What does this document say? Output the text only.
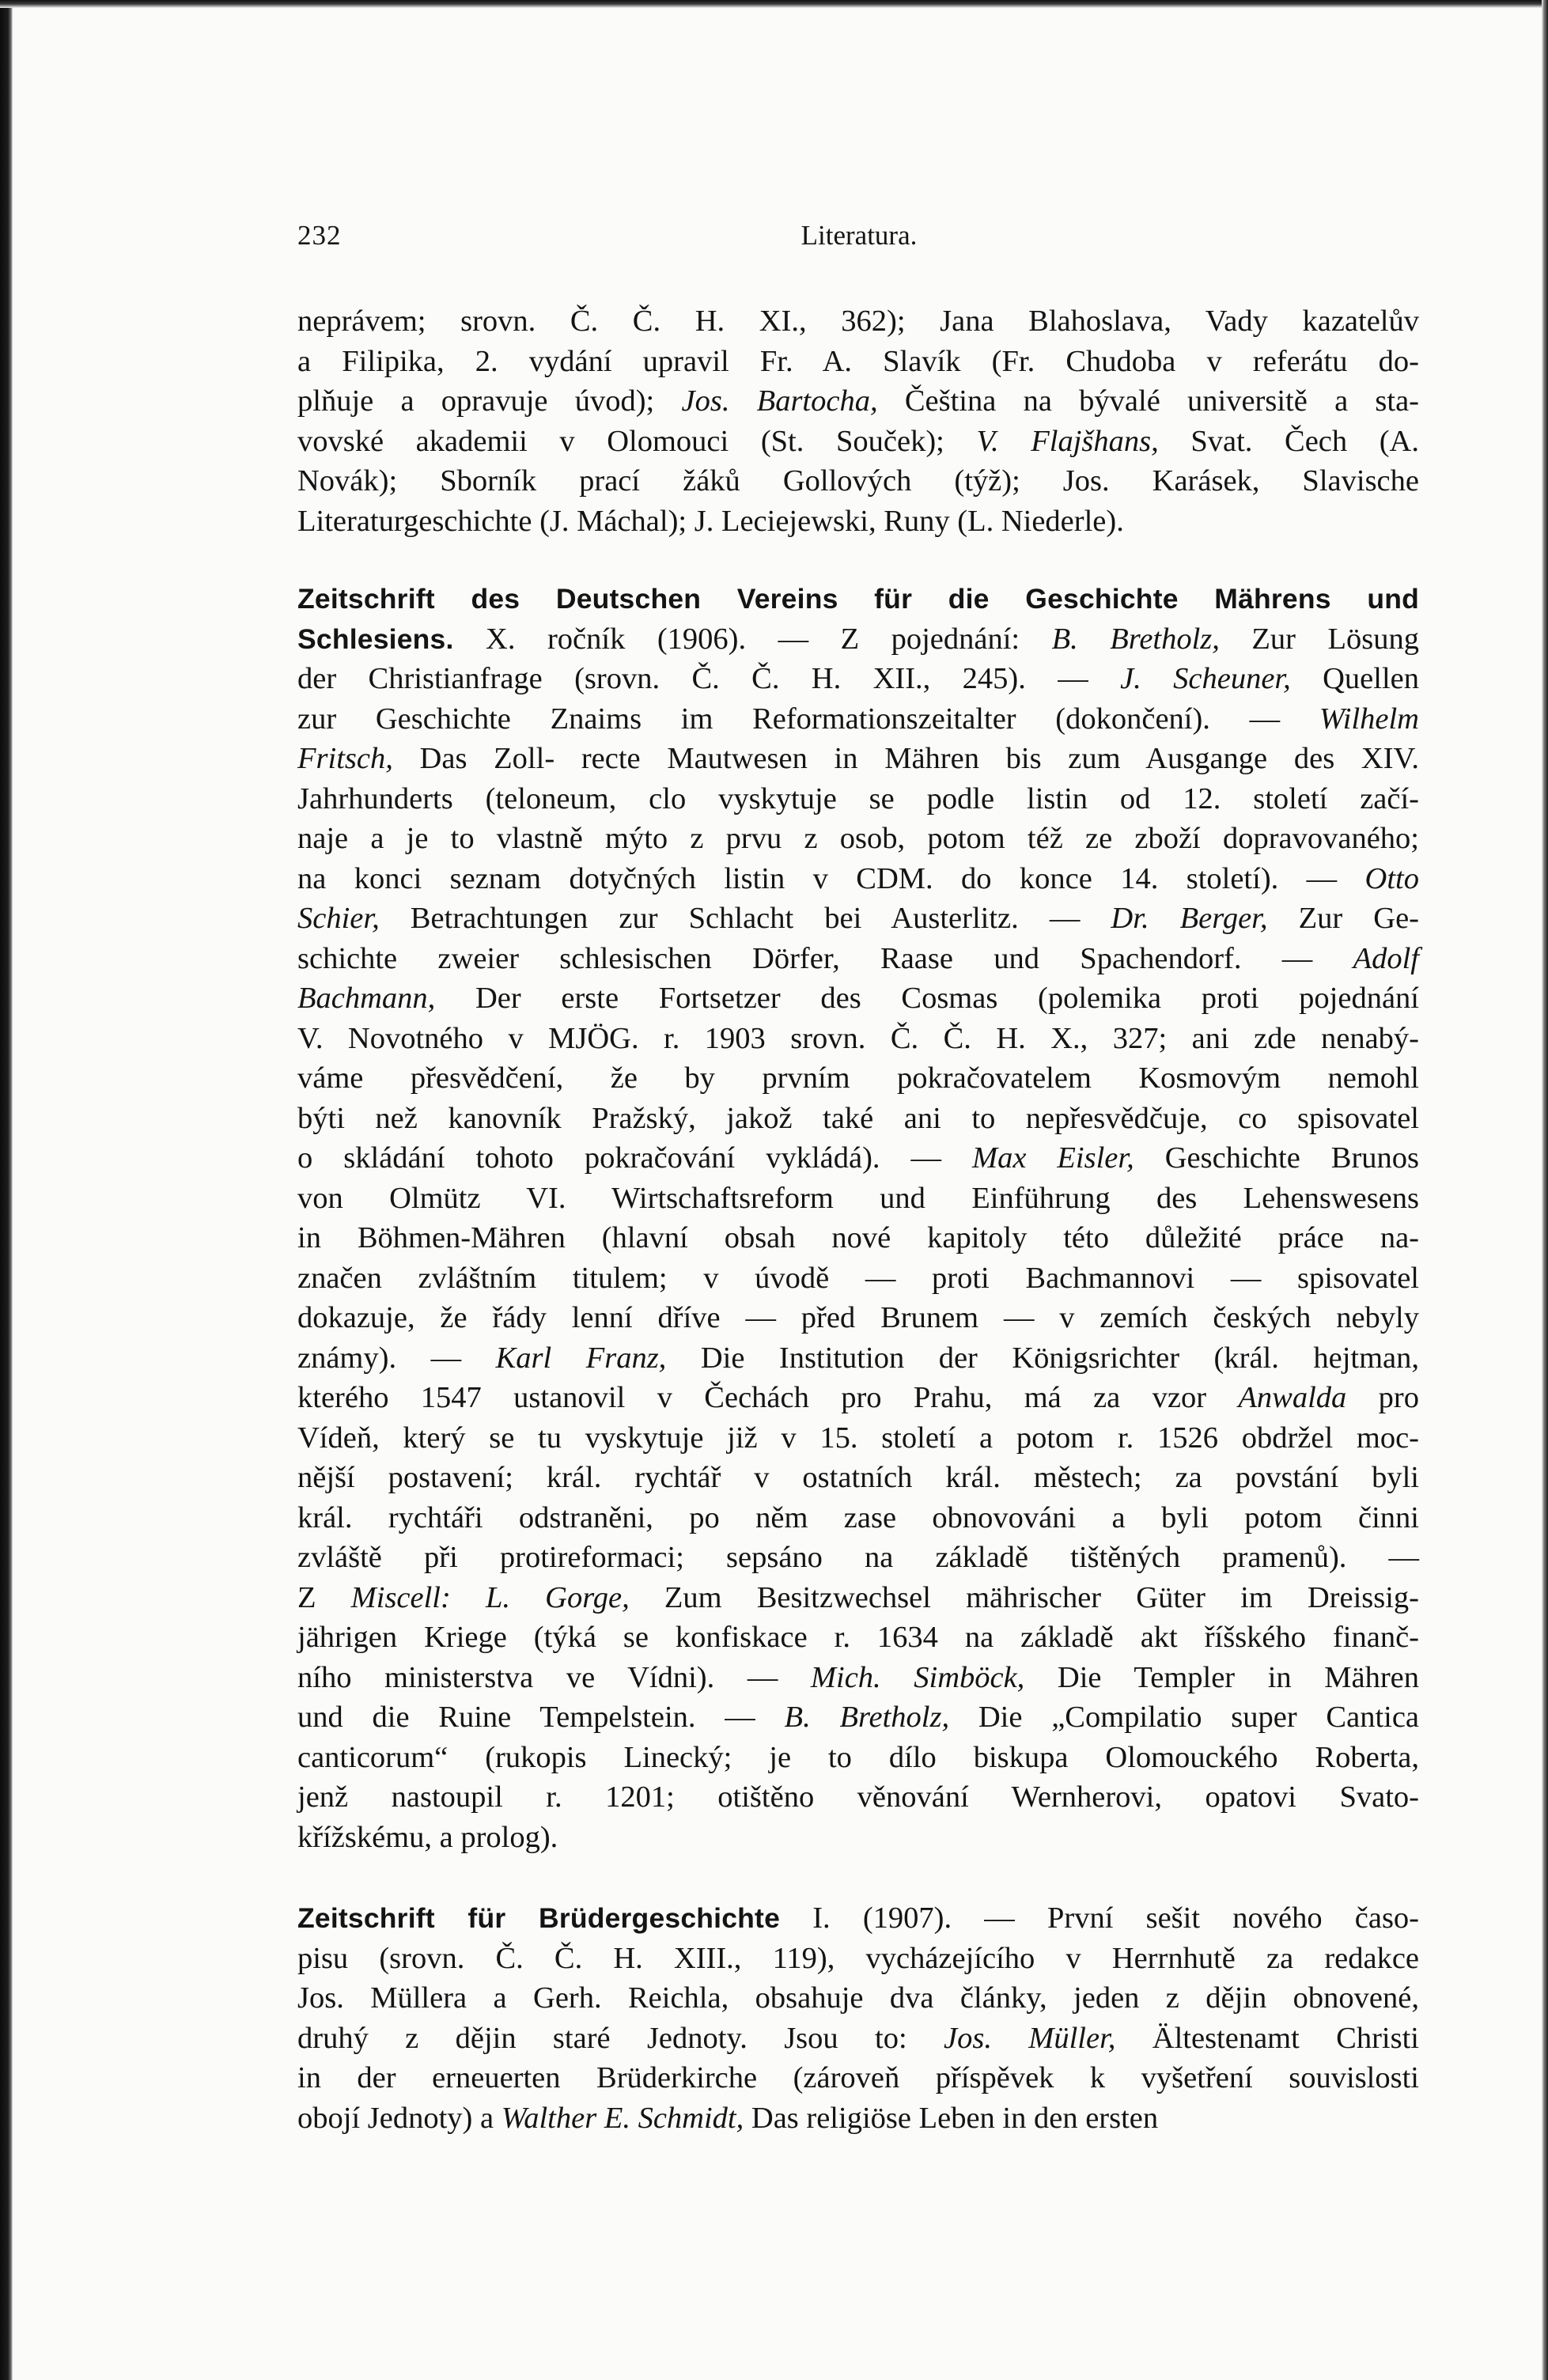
232	Literatura.
neprávem; srovn. Č. Č. H. XI., 362); Jana Blahoslava, Vady kazatelův
a Filipika, 2. vydání upravil Fr. A. Slavík (Fr. Chudoba v referátu do-
plňuje a opravuje úvod); Jos. Bartocha, Čeština na bývalé universitě a sta-
vovské akademii v Olomouci (St. Souček); V. Flajšhans, Svat. Čech (A.
Novák); Sborník prací žáků Gollových (týž); Jos. Karásek, Slavische
Literaturgeschichte (J. Máchal); J. Leciejewski, Runy (L. Niederle).
Zeitschrift des Deutschen Vereins für die Geschichte Mährens und
Schlesiens. X. ročník (1906). — Z pojednání: B. Bretholz, Zur Lösung
der Christianfrage (srovn. Č. Č. H. XII., 245). — J. Scheuner, Quellen
zur Geschichte Znaims im Reformationszeitalter (dokončení). — Wilhelm
Fritsch, Das Zoll- recte Mautwesen in Mähren bis zum Ausgange des XIV.
Jahrhunderts (teloneum, clo vyskytuje se podle listin od 12. století začí-
naje a je to vlastně mýto z prvu z osob, potom též ze zboží dopravovaného;
na konci seznam dotyčných listin v CDM. do konce 14. století). — Otto
Schier, Betrachtungen zur Schlacht bei Austerlitz. — Dr. Berger, Zur Ge-
schichte zweier schlesischen Dörfer, Raase und Spachendorf. — Adolf
Bachmann, Der erste Fortsetzer des Cosmas (polemika proti pojednání
V. Novotného v MJÖG. r. 1903 srovn. Č. Č. H. X., 327; ani zde nenabý-
váme přesvědčení, že by prvním pokračovatelem Kosmovým nemohl
býti než kanovník Pražský, jakož také ani to nepřesvědčuje, co spisovatel
o skládání tohoto pokračování vykládá). — Max Eisler, Geschichte Brunos
von Olmütz VI. Wirtschaftsreform und Einführung des Lehenswesens
in Böhmen-Mähren (hlavní obsah nové kapitoly této důležité práce na-
značen zvláštním titulem; v úvodě — proti Bachmannovi — spisovatel
dokazuje, že řády lenní dříve — před Brunem — v zemích českých nebyly
známy). — Karl Franz, Die Institution der Königsrichter (král. hejtman,
kterého 1547 ustanovil v Čechách pro Prahu, má za vzor Anwalda pro
Vídeň, který se tu vyskytuje již v 15. století a potom r. 1526 obdržel moc-
nější postavení; král. rychtář v ostatních král. městech; za povstání byli
král. rychtáři odstraněni, po něm zase obnovováni a byli potom činni
zvláště při protireformaci; sepsáno na základě tištěných pramenů). —
Z Miscell: L. Gorge, Zum Besitzwechsel mährischer Güter im Dreissig-
jährigen Kriege (týká se konfiskace r. 1634 na základě akt říšského finanč-
ního ministerstva ve Vídni). — Mich. Simböck, Die Templer in Mähren
und die Ruine Tempelstein. — B. Bretholz, Die „Compilatio super Cantica
canticorum“ (rukopis Linecký; je to dílo biskupa Olomouckého Roberta,
jenž nastoupil r. 1201; otištěno věnování Wernherovi, opatovi Svato-
křížskému, a prolog).
Zeitschrift für Brüdergeschichte I. (1907). — První sešit nového časo-
pisu (srovn. Č. Č. H. XIII., 119), vycházejícího v Herrnhutě za redakce
Jos. Müllera a Gerh. Reichla, obsahuje dva články, jeden z dějin obnovené,
druhý z dějin staré Jednoty. Jsou to: Jos. Müller, Ältestenamt Christi
in der erneuerten Brüderkirche (zároveň příspěvek k vyšetření souvislosti
obojí Jednoty) a Walther E. Schmidt, Das religiöse Leben in den ersten
